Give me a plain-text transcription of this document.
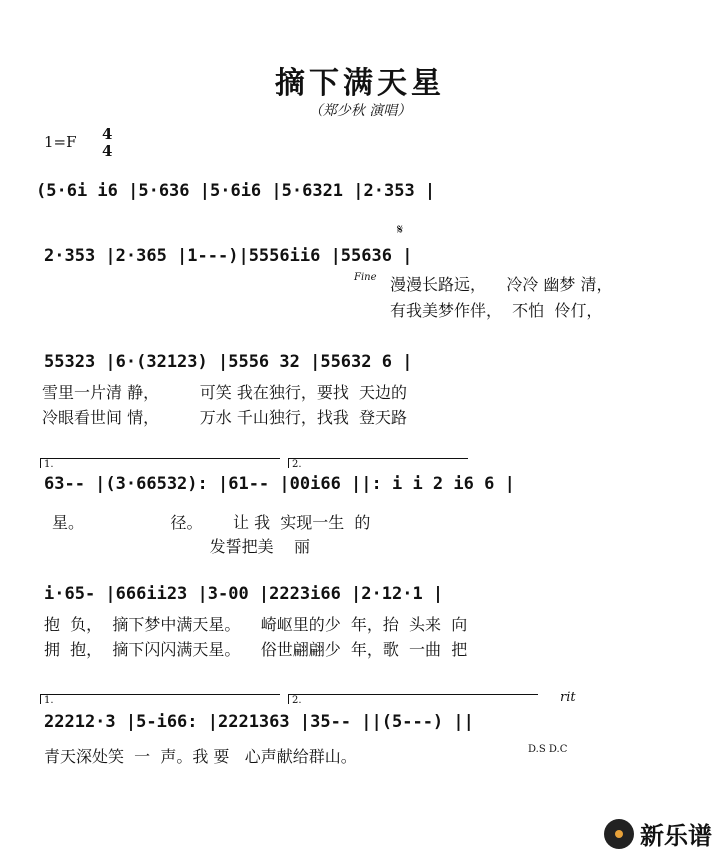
摘下满天星
（郑少秋 演唱）
1=F 4
4
(5·6i i6 |5·636 |5·6i6 |5·6321 |2·353 |
2·353 |2·365 |1---)|5556ii6 |55636 |
Fine
𝄋
漫漫长路远，    冷冷 幽梦 清，
有我美梦作伴，  不怕  伶仃，
55323 |6·(32123) |5556 32 |55632 6 |
雪里一片清 静，        可笑 我在独行，要找  天边的
冷眼看世间 情，        万水 千山独行，找我  登天路
1.	2.
63-- |(3·66532): |61-- |00i66 ||: i i 2 i6 6 |
星。                 径。      让 我  实现一生  的
发誓把美    丽
i·65- |666ii23 |3-00 |2223i66 |2·12·1 |
抱  负，  摘下梦中满天星。    崎岖里的少  年，抬  头来  向
拥  抱，  摘下闪闪满天星。    俗世翩翩少  年，歌  一曲  把
1.	2.	rit
22212·3 |5-i66: |2221363 |35-- ||(5---) ||
青天深处笑  一  声。我 要   心声献给群山。	D.S D.C
新乐谱
